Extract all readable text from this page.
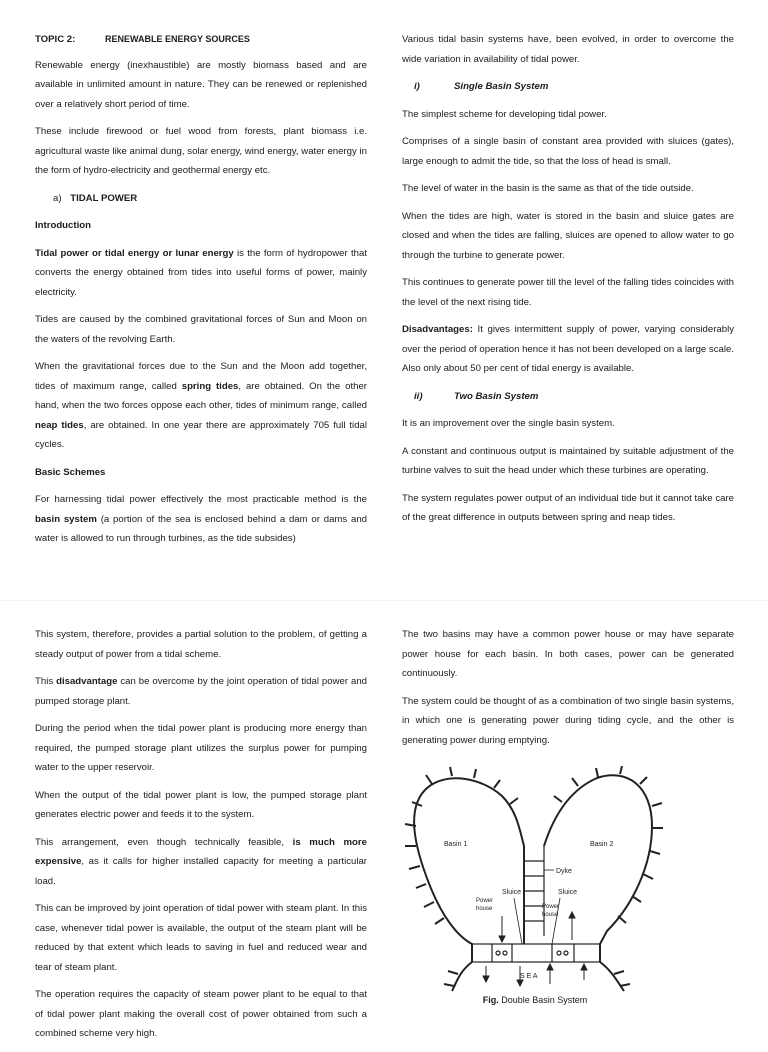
TOPIC 2:	RENEWABLE ENERGY SOURCES

Renewable energy (inexhaustible) are mostly biomass based and are available in unlimited amount in nature. They can be renewed or replenished over a relatively short period of time.

These include firewood or fuel wood from forests, plant biomass i.e. agricultural waste like animal dung, solar energy, wind energy, water energy in the form of hydro-electricity and geothermal energy etc.

a) TIDAL POWER
Introduction

Tidal power or tidal energy or lunar energy is the form of hydropower that converts the energy obtained from tides into useful forms of power, mainly electricity.

Tides are caused by the combined gravitational forces of Sun and Moon on the waters of the revolving Earth.

When the gravitational forces due to the Sun and the Moon add together, tides of maximum range, called spring tides, are obtained. On the other hand, when the two forces oppose each other, tides of minimum range, called neap tides, are obtained. In one year there are approximately 705 full tidal cycles.

Basic Schemes

For harnessing tidal power effectively the most practicable method is the basin system (a portion of the sea is enclosed behind a dam or dams and water is allowed to run through turbines, as the tide subsides)

Various tidal basin systems have, been evolved, in order to overcome the wide variation in availability of tidal power.

i)	Single Basin System

The simplest scheme for developing tidal power.

Comprises of a single basin of constant area provided with sluices (gates), large enough to admit the tide, so that the loss of head is small.

The level of water in the basin is the same as that of the tide outside.

When the tides are high, water is stored in the basin and sluice gates are closed and when the tides are falling, sluices are opened to allow water to go through the turbine to generate power.

This continues to generate power till the level of the falling tides coincides with the level of the next rising tide.

Disadvantages: It gives intermittent supply of power, varying considerably over the period of operation hence it has not been developed on a large scale. Also only about 50 per cent of tidal energy is available.

ii)	Two Basin System

It is an improvement over the single basin system.

A constant and continuous output is maintained by suitable adjustment of the turbine valves to suit the head under which these turbines are operating.

The system regulates power output of an individual tide but it cannot take care of the great difference in outputs between spring and neap tides.

This system, therefore, provides a partial solution to the problem, of getting a steady output of power from a tidal scheme.

This disadvantage can be overcome by the joint operation of tidal power and pumped storage plant.

During the period when the tidal power plant is producing more energy than required, the pumped storage plant utilizes the surplus power for pumping water to the upper reservoir.

When the output of the tidal power plant is low, the pumped storage plant generates electric power and feeds it to the system.

This arrangement, even though technically feasible, is much more expensive, as it calls for higher installed capacity for meeting a particular load.

This can be improved by joint operation of tidal power with steam plant. In this case, whenever tidal power is available, the output of the steam plant will be reduced by that extent which leads to saving in fuel and reduced wear and tear of steam plant.

The operation requires the capacity of steam power plant to be equal to that of tidal power plant making the overall cost of power obtained from such a combined scheme very high.

The two basins may have a common power house or may have separate power house for each basin. In both cases, power can be generated continuously.

The system could be thought of as a combination of two single basin systems, in which one is generating power during tiding cycle, and the other is generating power during emptying.

Basin 1	Basin 2
Dyke
Sluice	Sluice
Power
house	Power
house
S E A
Fig. Double Basin System
